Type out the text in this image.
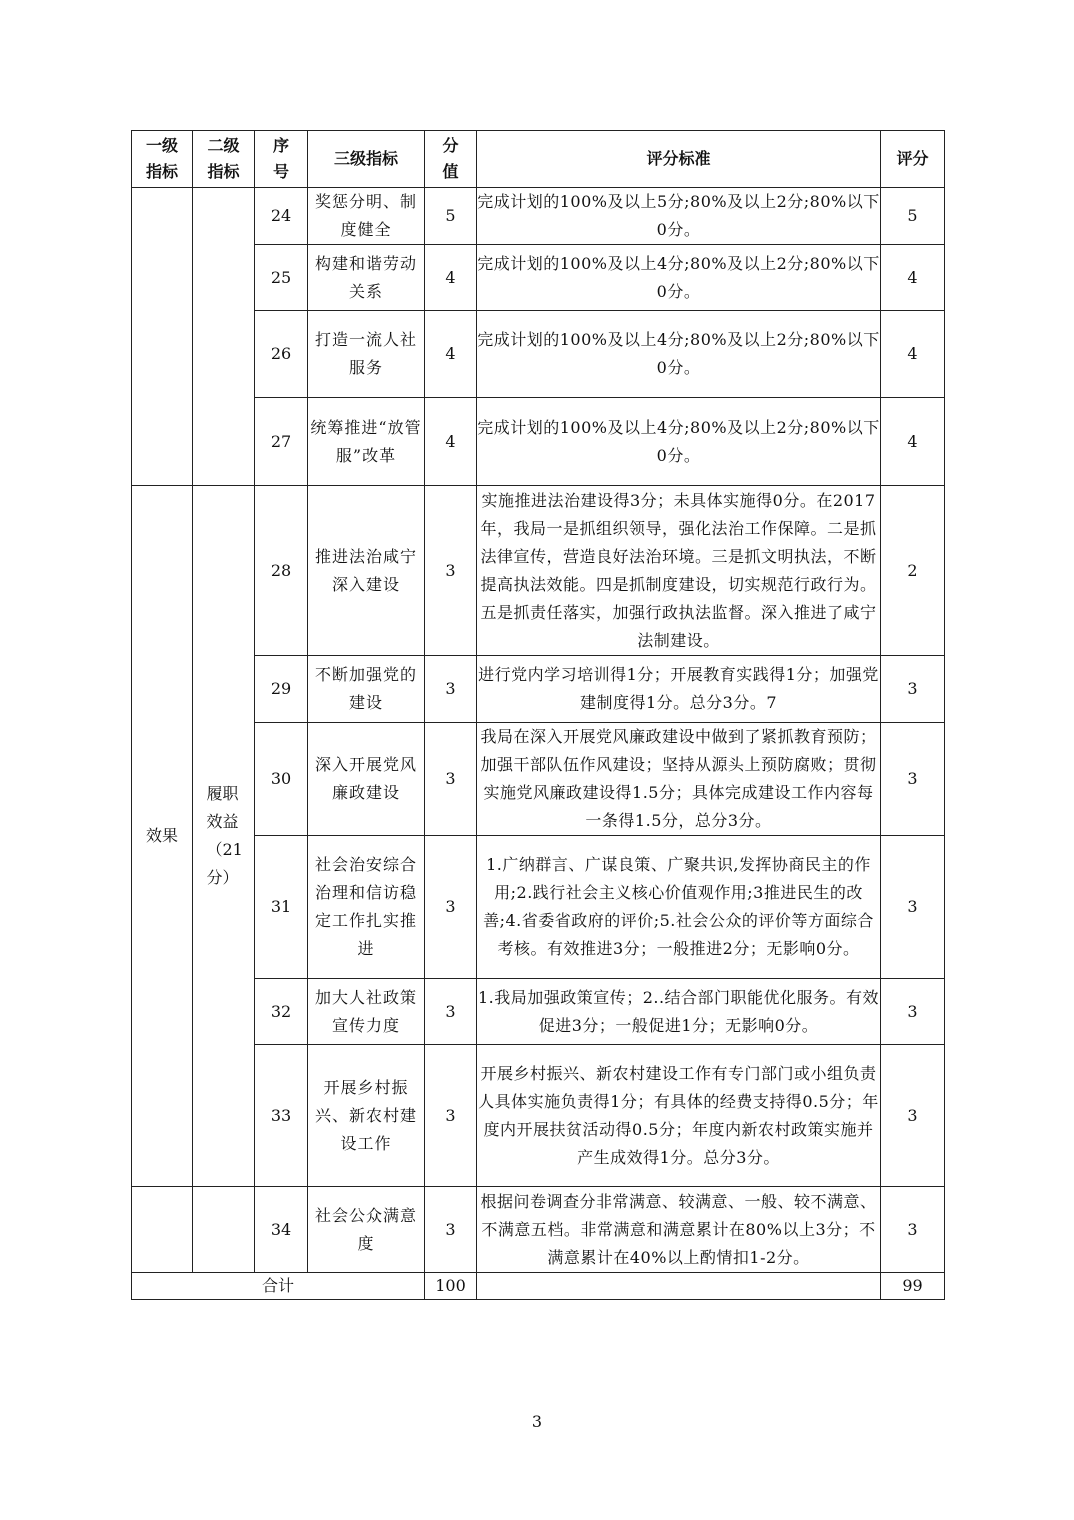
一级指标	二级指标	序号	三级指标	分值	评分标准	评分
		24	奖惩分明、制度健全	5	完成计划的100%及以上5分;80%及以上2分;80%以下0分。	5
		25	构建和谐劳动关系	4	完成计划的100%及以上4分;80%及以上2分;80%以下0分。	4
		26	打造一流人社服务	4	完成计划的100%及以上4分;80%及以上2分;80%以下0分。	4
		27	统筹推进“放管服”改革	4	完成计划的100%及以上4分;80%及以上2分;80%以下0分。	4
效果	履职效益（21分）	28	推进法治咸宁深入建设	3	实施推进法治建设得3分；未具体实施得0分。在2017年，我局一是抓组织领导，强化法治工作保障。二是抓法律宣传，营造良好法治环境。三是抓文明执法，不断提高执法效能。四是抓制度建设，切实规范行政行为。五是抓责任落实，加强行政执法监督。深入推进了咸宁法制建设。	2
		29	不断加强党的建设	3	进行党内学习培训得1分；开展教育实践得1分；加强党建制度得1分。总分3分。7	3
		30	深入开展党风廉政建设	3	我局在深入开展党风廉政建设中做到了紧抓教育预防；加强干部队伍作风建设；坚持从源头上预防腐败；贯彻实施党风廉政建设得1.5分；具体完成建设工作内容每一条得1.5分，总分3分。	3
		31	社会治安综合治理和信访稳定工作扎实推进	3	1.广纳群言、广谋良策、广聚共识,发挥协商民主的作用;2.践行社会主义核心价值观作用;3推进民生的改善;4.省委省政府的评价;5.社会公众的评价等方面综合考核。有效推进3分；一般推进2分；无影响0分。	3
		32	加大人社政策宣传力度	3	1.我局加强政策宣传；2..结合部门职能优化服务。有效促进3分；一般促进1分；无影响0分。	3
		33	开展乡村振兴、新农村建设工作	3	开展乡村振兴、新农村建设工作有专门部门或小组负责人具体实施负责得1分；有具体的经费支持得0.5分；年度内开展扶贫活动得0.5分；年度内新农村政策实施并产生成效得1分。总分3分。	3
		34	社会公众满意度	3	根据问卷调查分非常满意、较满意、一般、较不满意、不满意五档。非常满意和满意累计在80%以上3分；不满意累计在40%以上酌情扣1-2分。	3
合计				100		99
3
